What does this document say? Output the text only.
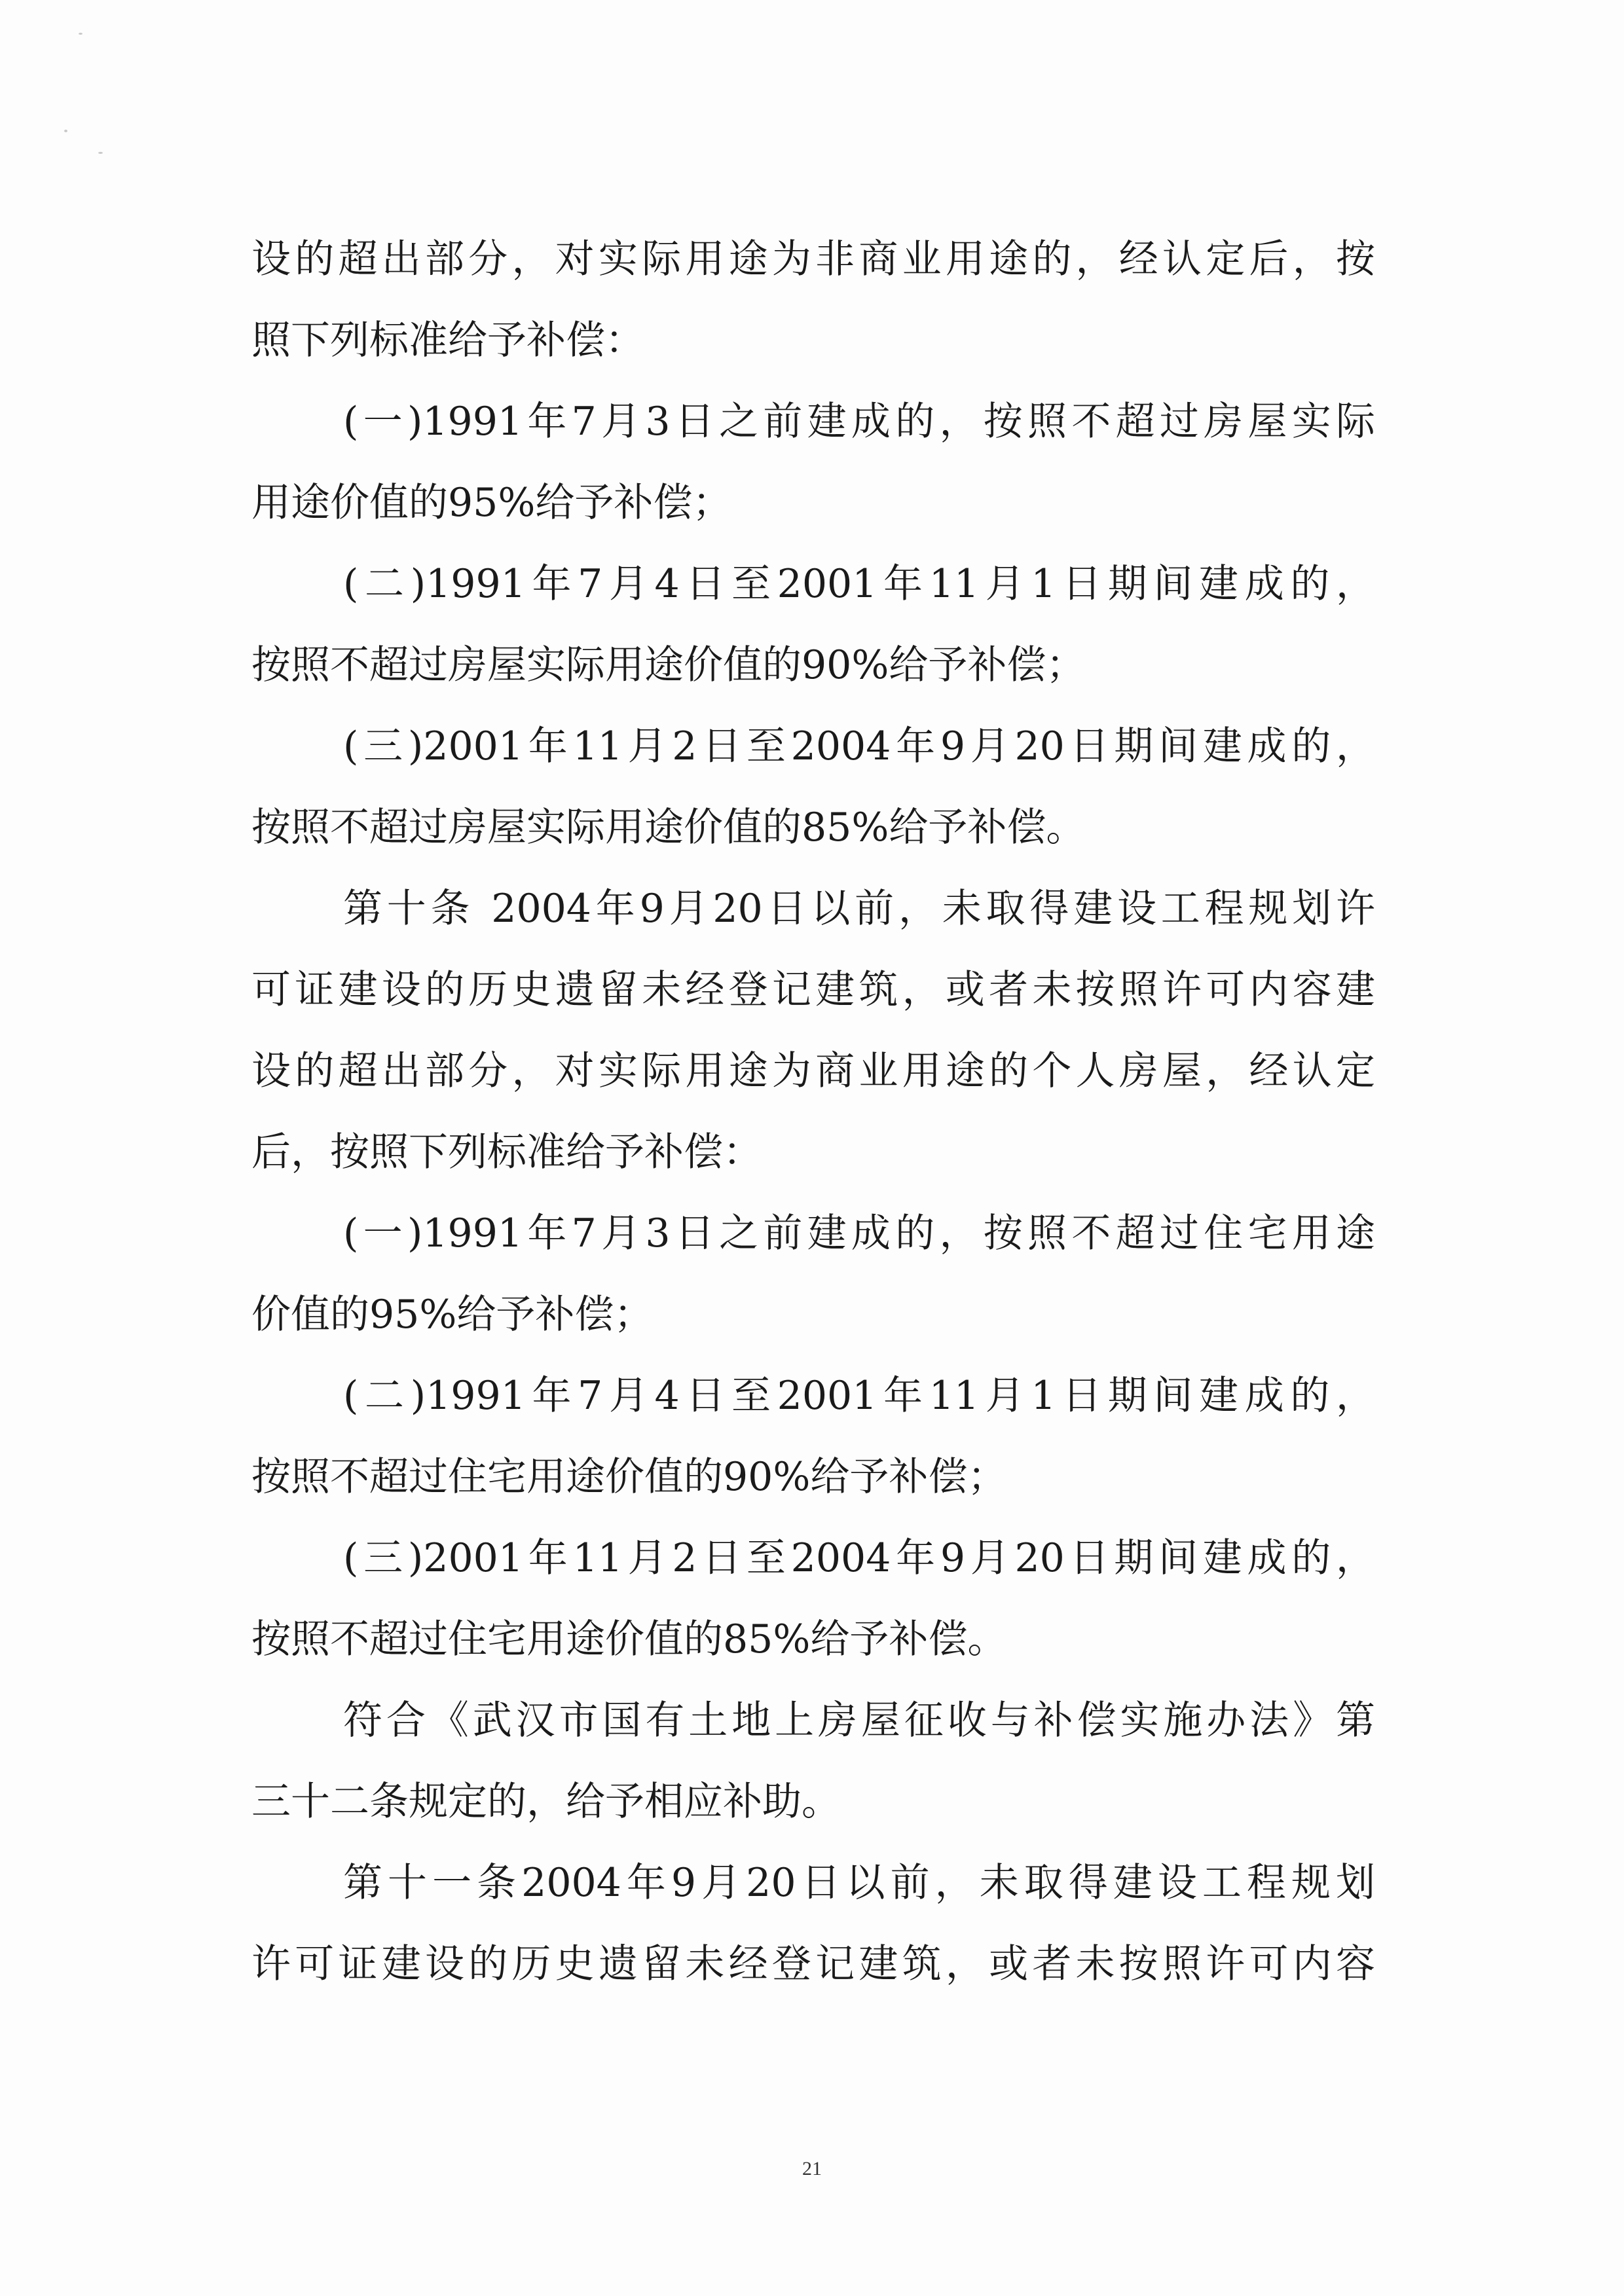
设的超出部分，对实际用途为非商业用途的，经认定后，按
照下列标准给予补偿：
(一)1991年7月3日之前建成的，按照不超过房屋实际
用途价值的95%给予补偿；
(二)1991年7月4日至2001年11月1日期间建成的，
按照不超过房屋实际用途价值的90%给予补偿；
(三)2001年11月2日至2004年9月20日期间建成的，
按照不超过房屋实际用途价值的85%给予补偿。
第十条 2004年9月20日以前，未取得建设工程规划许
可证建设的历史遗留未经登记建筑，或者未按照许可内容建
设的超出部分，对实际用途为商业用途的个人房屋，经认定
后，按照下列标准给予补偿：
(一)1991年7月3日之前建成的，按照不超过住宅用途
价值的95%给予补偿；
(二)1991年7月4日至2001年11月1日期间建成的，
按照不超过住宅用途价值的90%给予补偿；
(三)2001年11月2日至2004年9月20日期间建成的，
按照不超过住宅用途价值的85%给予补偿。
符合《武汉市国有土地上房屋征收与补偿实施办法》第
三十二条规定的，给予相应补助。
第十一条2004年9月20日以前，未取得建设工程规划
许可证建设的历史遗留未经登记建筑，或者未按照许可内容
21
